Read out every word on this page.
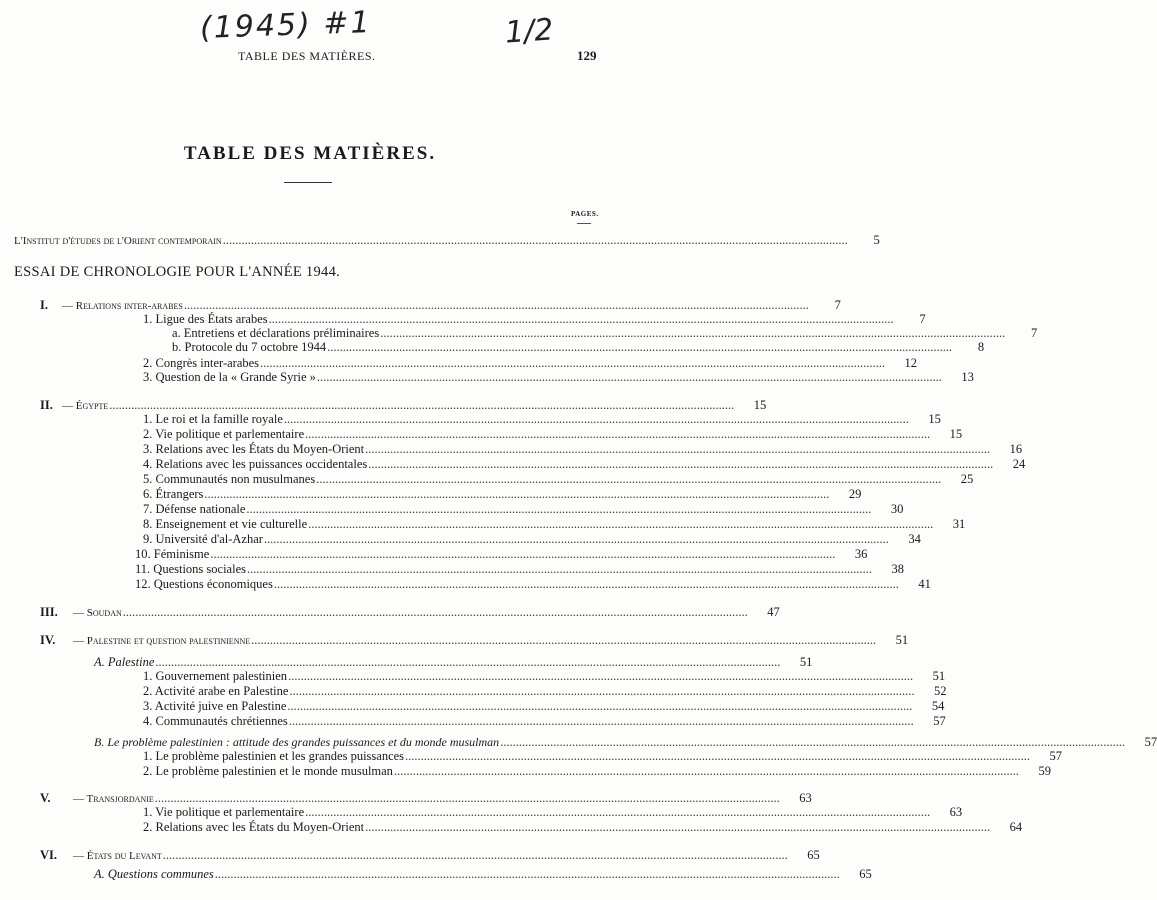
(1945) #1	1/2
TABLE DES MATIÈRES.	129
TABLE DES MATIÈRES.
PAGES.
L'Institut d'études de l'Orient contemporain ........................................................................................................................................................................................................	5
ESSAI DE CHRONOLOGIE POUR L'ANNÉE 1944.
I. — Relations inter-arabes ........................................................................................................................................................................................................	7
1. Ligue des États arabes ........................................................................................................................................................................................................	7
a. Entretiens et déclarations préliminaires ........................................................................................................................................................................................................	7
b. Protocole du 7 octobre 1944 ........................................................................................................................................................................................................	8
2. Congrès inter-arabes ........................................................................................................................................................................................................	12
3. Question de la « Grande Syrie » ........................................................................................................................................................................................................	13
II. — Égypte ........................................................................................................................................................................................................	15
1. Le roi et la famille royale ........................................................................................................................................................................................................	15
2. Vie politique et parlementaire ........................................................................................................................................................................................................	15
3. Relations avec les États du Moyen-Orient ........................................................................................................................................................................................................	16
4. Relations avec les puissances occidentales ........................................................................................................................................................................................................	24
5. Communautés non musulmanes ........................................................................................................................................................................................................	25
6. Étrangers ........................................................................................................................................................................................................	29
7. Défense nationale ........................................................................................................................................................................................................	30
8. Enseignement et vie culturelle ........................................................................................................................................................................................................	31
9. Université d'al-Azhar ........................................................................................................................................................................................................	34
10. Féminisme ........................................................................................................................................................................................................	36
11. Questions sociales ........................................................................................................................................................................................................	38
12. Questions économiques ........................................................................................................................................................................................................	41
III. — Soudan ........................................................................................................................................................................................................	47
IV. — Palestine et question palestinienne ........................................................................................................................................................................................................	51
A. Palestine ........................................................................................................................................................................................................	51
1. Gouvernement palestinien ........................................................................................................................................................................................................	51
2. Activité arabe en Palestine ........................................................................................................................................................................................................	52
3. Activité juive en Palestine ........................................................................................................................................................................................................	54
4. Communautés chrétiennes ........................................................................................................................................................................................................	57
B. Le problème palestinien : attitude des grandes puissances et du monde musulman ........................................................................................................................................................................................................	57
1. Le problème palestinien et les grandes puissances ........................................................................................................................................................................................................	57
2. Le problème palestinien et le monde musulman ........................................................................................................................................................................................................	59
V. — Transjordanie ........................................................................................................................................................................................................	63
1. Vie politique et parlementaire ........................................................................................................................................................................................................	63
2. Relations avec les États du Moyen-Orient ........................................................................................................................................................................................................	64
VI. — États du Levant ........................................................................................................................................................................................................	65
A. Questions communes ........................................................................................................................................................................................................	65
